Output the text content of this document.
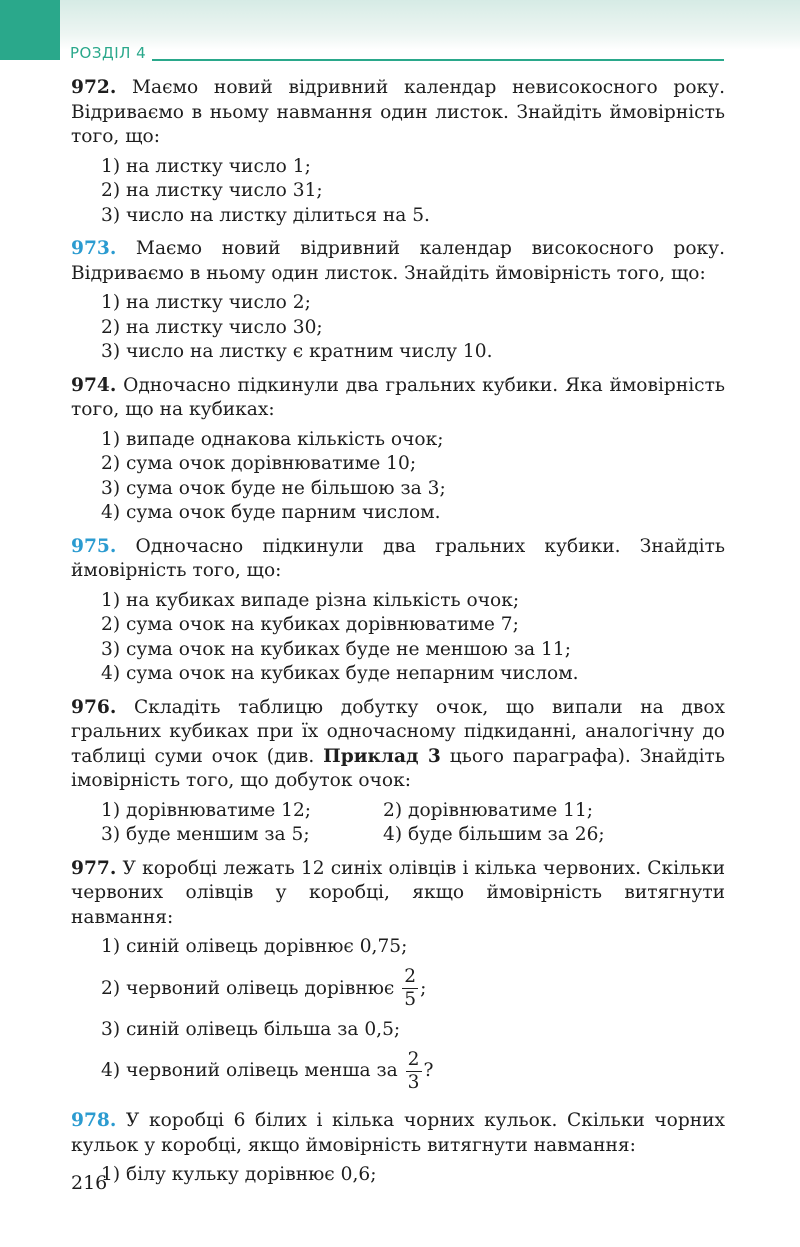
РОЗДІЛ 4
972. Маємо новий відривний календар невисокосного року. Відриваємо в ньому навмання один листок. Знайдіть ймовірність того, що:
1) на листку число 1;
2) на листку число 31;
3) число на листку ділиться на 5.
973. Маємо новий відривний календар високосного року. Відриваємо в ньому один листок. Знайдіть ймовірність того, що:
1) на листку число 2;
2) на листку число 30;
3) число на листку є кратним числу 10.
974. Одночасно підкинули два гральних кубики. Яка ймовірність того, що на кубиках:
1) випаде однакова кількість очок;
2) сума очок дорівнюватиме 10;
3) сума очок буде не більшою за 3;
4) сума очок буде парним числом.
975. Одночасно підкинули два гральних кубики. Знайдіть ймовірність того, що:
1) на кубиках випаде різна кількість очок;
2) сума очок на кубиках дорівнюватиме 7;
3) сума очок на кубиках буде не меншою за 11;
4) сума очок на кубиках буде непарним числом.
976. Складіть таблицю добутку очок, що випали на двох гральних кубиках при їх одночасному підкиданні, аналогічну до таблиці суми очок (див. Приклад 3 цього параграфа). Знайдіть імовірність того, що добуток очок:
1) дорівнюватиме 12;	2) дорівнюватиме 11;
3) буде меншим за 5;	4) буде більшим за 26;
977. У коробці лежать 12 синіх олівців і кілька червоних. Скільки червоних олівців у коробці, якщо ймовірність витягнути навмання:
1) синій олівець дорівнює 0,75;
2) червоний олівець дорівнює $\frac{2}{5}$ ;
3) синій олівець більша за 0,5;
4) червоний олівець менша за $\frac{2}{3}$ ?
978. У коробці 6 білих і кілька чорних кульок. Скільки чорних кульок у коробці, якщо ймовірність витягнути навмання:
1) білу кульку дорівнює 0,6;
216
